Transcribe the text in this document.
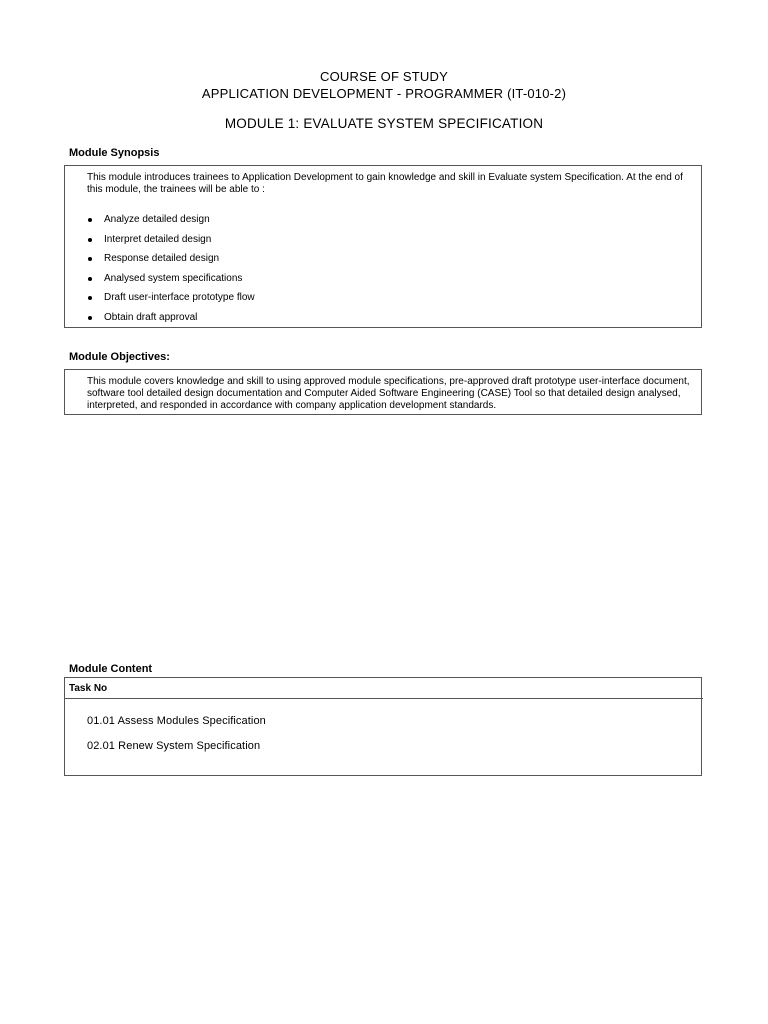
COURSE OF STUDY
APPLICATION DEVELOPMENT - PROGRAMMER (IT-010-2)
MODULE 1: EVALUATE SYSTEM SPECIFICATION
Module Synopsis

This module introduces trainees to Application Development to gain knowledge and skill in Evaluate system Specification. At the end of this module, the trainees will be able to :

Analyze detailed design
Interpret detailed design
Response detailed design
Analysed system specifications
Draft user-interface prototype flow
Obtain draft approval
Module Objectives:

This module covers knowledge and skill to using approved module specifications, pre-approved draft prototype user-interface document, software tool detailed design documentation and Computer Aided Software Engineering (CASE) Tool so that detailed design analysed, interpreted, and responded in accordance with company application development standards.

Module Content
Task No
01.01 Assess Modules Specification
02.01 Renew System Specification
